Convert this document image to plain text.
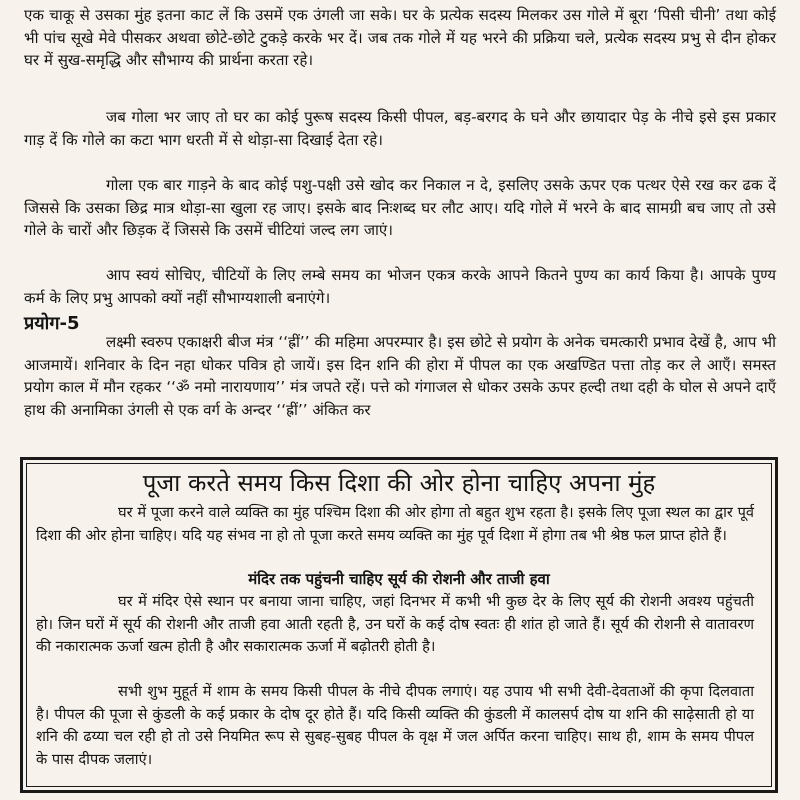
एक चाकू से उसका मुंह इतना काट लें कि उसमें एक उंगली जा सके। घर के प्रत्येक सदस्य मिलकर उस गोले में बूरा ‘पिसी चीनी’ तथा कोई भी पांच सूखे मेवे पीसकर अथवा छोटे-छोटे टुकड़े करके भर दें। जब तक गोले में यह भरने की प्रक्रिया चले, प्रत्येक सदस्य प्रभु से दीन होकर घर में सुख-समृद्धि और सौभाग्य की प्रार्थना करता रहे।

जब गोला भर जाए तो घर का कोई पुरूष सदस्य किसी पीपल, बड़-बरगद के घने और छायादार पेड़ के नीचे इसे इस प्रकार गाड़ दें कि गोले का कटा भाग धरती में से थोड़ा-सा दिखाई देता रहे।

गोला एक बार गाड़ने के बाद कोई पशु-पक्षी उसे खोद कर निकाल न दे, इसलिए उसके ऊपर एक पत्थर ऐसे रख कर ढक दें जिससे कि उसका छिद्र मात्र थोड़ा-सा खुला रह जाए। इसके बाद निःशब्द घर लौट आए। यदि गोले में भरने के बाद सामग्री बच जाए तो उसे गोले के चारों और छिड़क दें जिससे कि उसमें चीटियां जल्द लग जाएं।

आप स्वयं सोचिए, चीटियों के लिए लम्बे समय का भोजन एकत्र करके आपने कितने पुण्य का कार्य किया है। आपके पुण्य कर्म के लिए प्रभु आपको क्यों नहीं सौभाग्यशाली बनाएंगे।

प्रयोग-5

लक्ष्मी स्वरुप एकाक्षरी बीज मंत्र ‘‘ह्रीं’’ की महिमा अपरम्पार है। इस छोटे से प्रयोग के अनेक चमत्कारी प्रभाव देखें है, आप भी आजमायें। शनिवार के दिन नहा धोकर पवित्र हो जायें। इस दिन शनि की होरा में पीपल का एक अखण्डित पत्ता तोड़ कर ले आएँ। समस्त प्रयोग काल में मौन रहकर ‘‘ॐ नमो नारायणाय’’ मंत्र जपते रहें। पत्ते को गंगाजल से धोकर उसके ऊपर हल्दी तथा दही के घोल से अपने दाएँ हाथ की अनामिका उंगली से एक वर्ग के अन्दर ‘‘ह्रीं’’ अंकित कर

पूजा करते समय किस दिशा की ओर होना चाहिए अपना मुंह

घर में पूजा करने वाले व्यक्ति का मुंह पश्चिम दिशा की ओर होगा तो बहुत शुभ रहता है। इसके लिए पूजा स्थल का द्वार पूर्व दिशा की ओर होना चाहिए। यदि यह संभव ना हो तो पूजा करते समय व्यक्ति का मुंह पूर्व दिशा में होगा तब भी श्रेष्ठ फल प्राप्त होते हैं।

मंदिर तक पहुंचनी चाहिए सूर्य की रोशनी और ताजी हवा

घर में मंदिर ऐसे स्थान पर बनाया जाना चाहिए, जहां दिनभर में कभी भी कुछ देर के लिए सूर्य की रोशनी अवश्य पहुंचती हो। जिन घरों में सूर्य की रोशनी और ताजी हवा आती रहती है, उन घरों के कई दोष स्वतः ही शांत हो जाते हैं। सूर्य की रोशनी से वातावरण की नकारात्मक ऊर्जा खत्म होती है और सकारात्मक ऊर्जा में बढ़ोतरी होती है।

सभी शुभ मुहूर्त में शाम के समय किसी पीपल के नीचे दीपक लगाएं। यह उपाय भी सभी देवी-देवताओं की कृपा दिलवाता है। पीपल की पूजा से कुंडली के कई प्रकार के दोष दूर होते हैं। यदि किसी व्यक्ति की कुंडली में कालसर्प दोष या शनि की साढ़ेसाती हो या शनि की ढय्या चल रही हो तो उसे नियमित रूप से सुबह-सुबह पीपल के वृक्ष में जल अर्पित करना चाहिए। साथ ही, शाम के समय पीपल के पास दीपक जलाएं।
